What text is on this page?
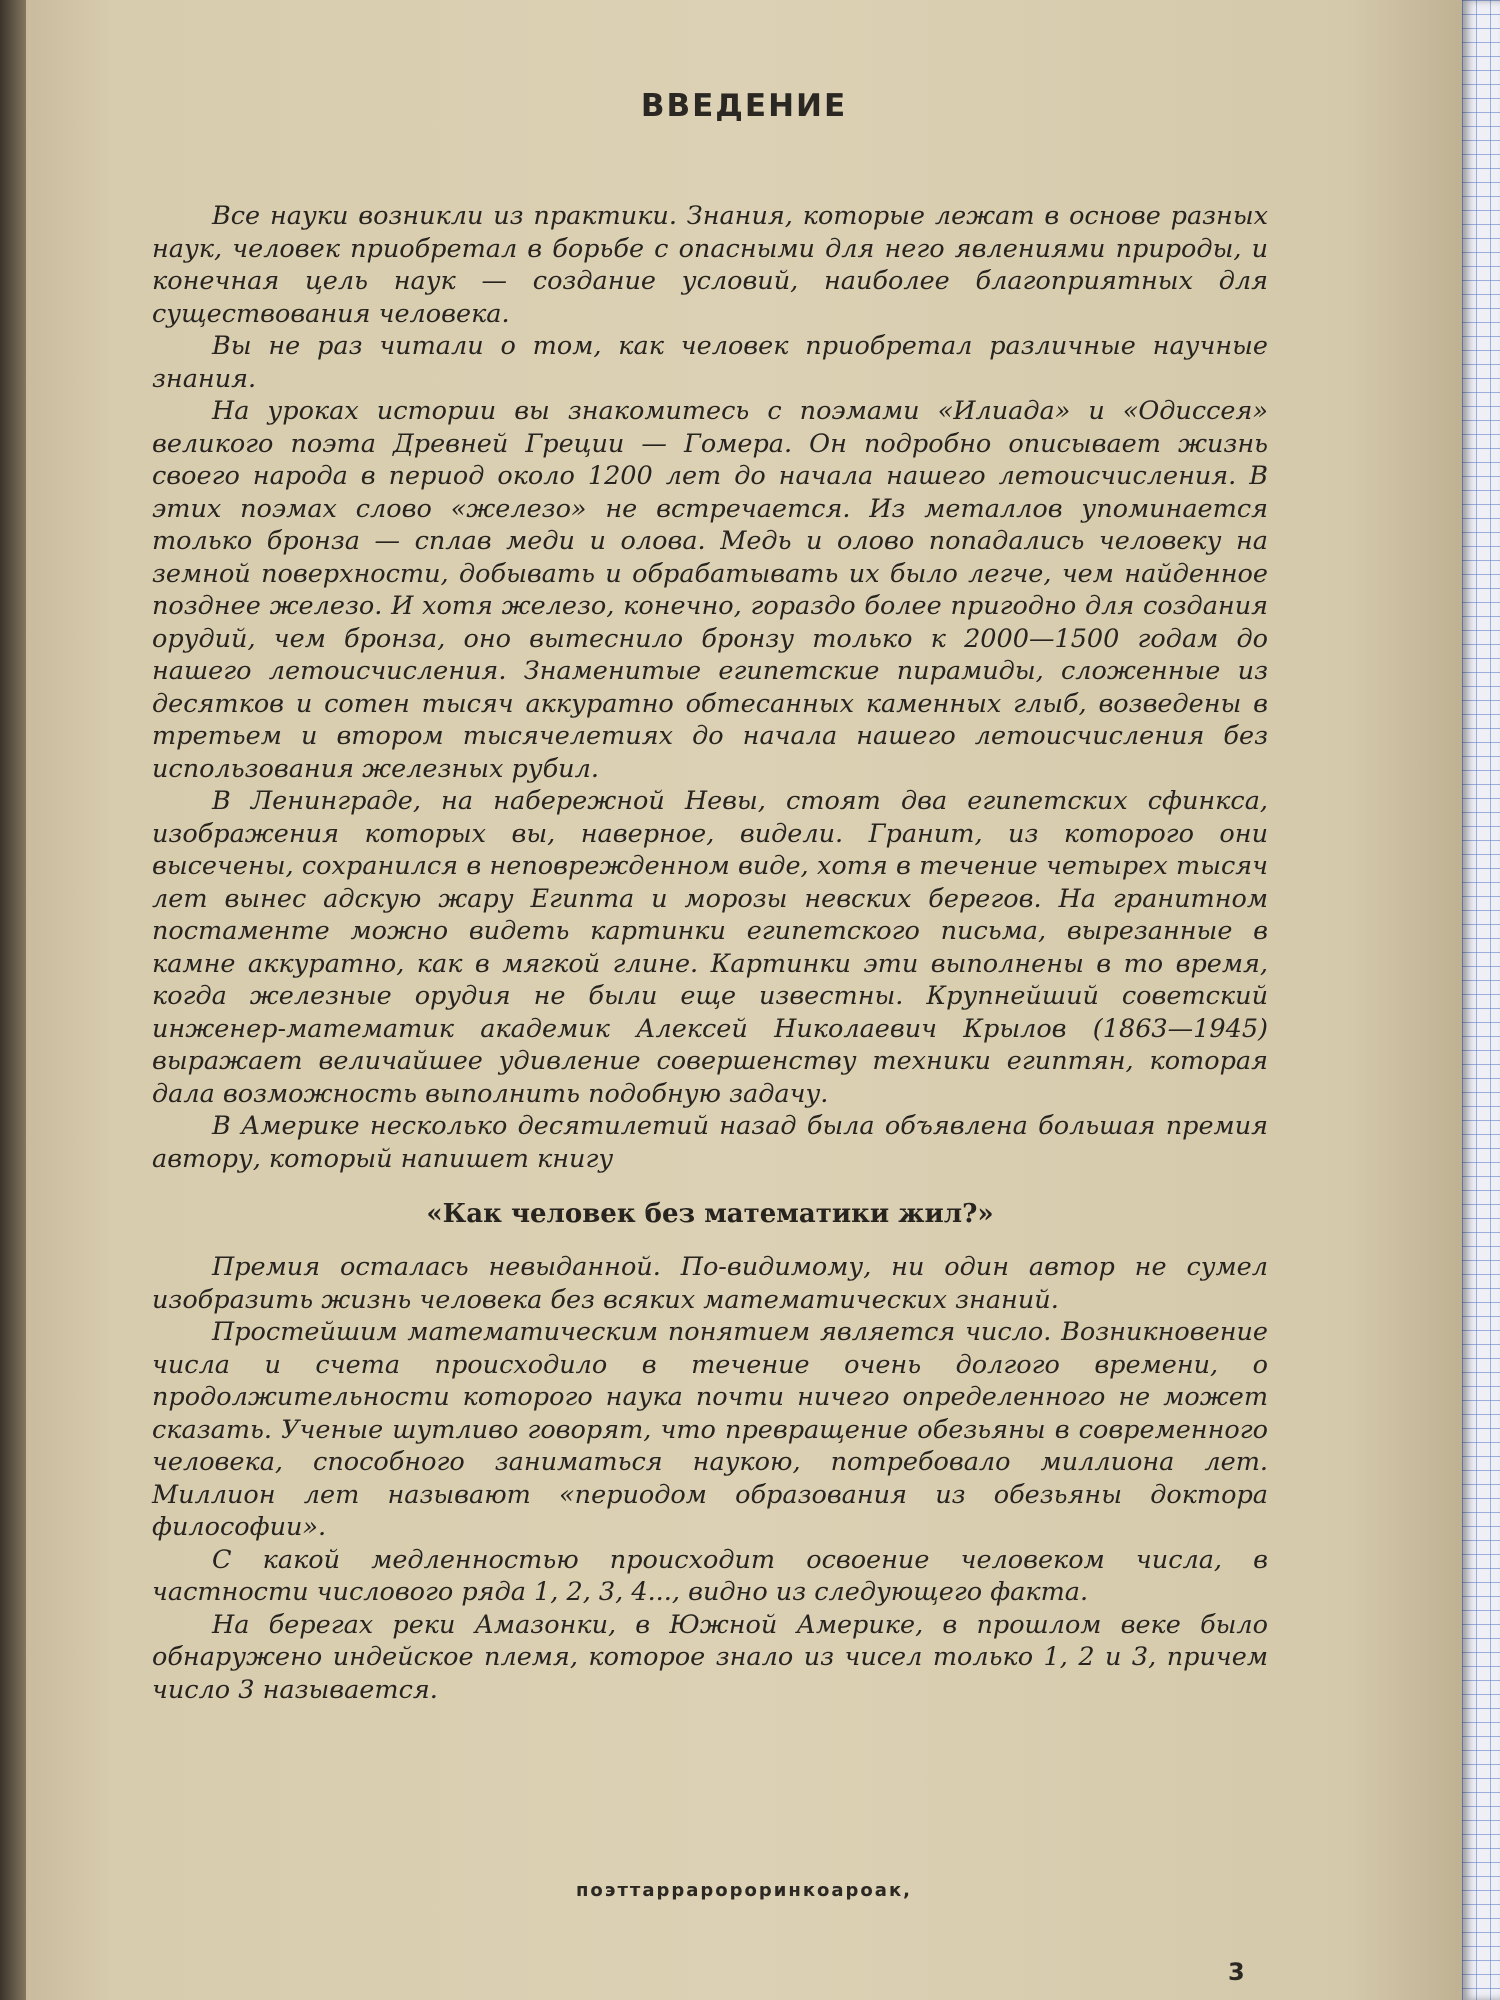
ВВЕДЕНИЕ

Все науки возникли из практики. Знания, которые лежат в основе разных наук, человек приобретал в борьбе с опасными для него явлениями природы, и конечная цель наук — создание условий, наиболее благоприятных для существования человека.

Вы не раз читали о том, как человек приобретал различные научные знания.

На уроках истории вы знакомитесь с поэмами «Илиада» и «Одиссея» великого поэта Древней Греции — Гомера. Он подробно описывает жизнь своего народа в период около 1200 лет до начала нашего летоисчисления. В этих поэмах слово «железо» не встречается. Из металлов упоминается только бронза — сплав меди и олова. Медь и олово попадались человеку на земной поверхности, добывать и обрабатывать их было легче, чем найденное позднее железо. И хотя железо, конечно, гораздо более пригодно для создания орудий, чем бронза, оно вытеснило бронзу только к 2000—1500 годам до нашего летоисчисления. Знаменитые египетские пирамиды, сложенные из десятков и сотен тысяч аккуратно обтесанных каменных глыб, возведены в третьем и втором тысячелетиях до начала нашего летоисчисления без использования железных рубил.

В Ленинграде, на набережной Невы, стоят два египетских сфинкса, изображения которых вы, наверное, видели. Гранит, из которого они высечены, сохранился в неповрежденном виде, хотя в течение четырех тысяч лет вынес адскую жару Египта и морозы невских берегов. На гранитном постаменте можно видеть картинки египетского письма, вырезанные в камне аккуратно, как в мягкой глине. Картинки эти выполнены в то время, когда железные орудия не были еще известны. Крупнейший советский инженер-математик академик Алексей Николаевич Крылов (1863—1945) выражает величайшее удивление совершенству техники египтян, которая дала возможность выполнить подобную задачу.

В Америке несколько десятилетий назад была объявлена большая премия автору, который напишет книгу

«Как человек без математики жил?»

Премия осталась невыданной. По-видимому, ни один автор не сумел изобразить жизнь человека без всяких математических знаний.

Простейшим математическим понятием является число. Возникновение числа и счета происходило в течение очень долгого времени, о продолжительности которого наука почти ничего определенного не может сказать. Ученые шутливо говорят, что превращение обезьяны в современного человека, способного заниматься наукою, потребовало миллиона лет. Миллион лет называют «периодом образования из обезьяны доктора философии».

С какой медленностью происходит освоение человеком числа, в частности числового ряда 1, 2, 3, 4..., видно из следующего факта.

На берегах реки Амазонки, в Южной Америке, в прошлом веке было обнаружено индейское племя, которое знало из чисел только 1, 2 и 3, причем число 3 называется.

поэттарраророринкоароак,
3
